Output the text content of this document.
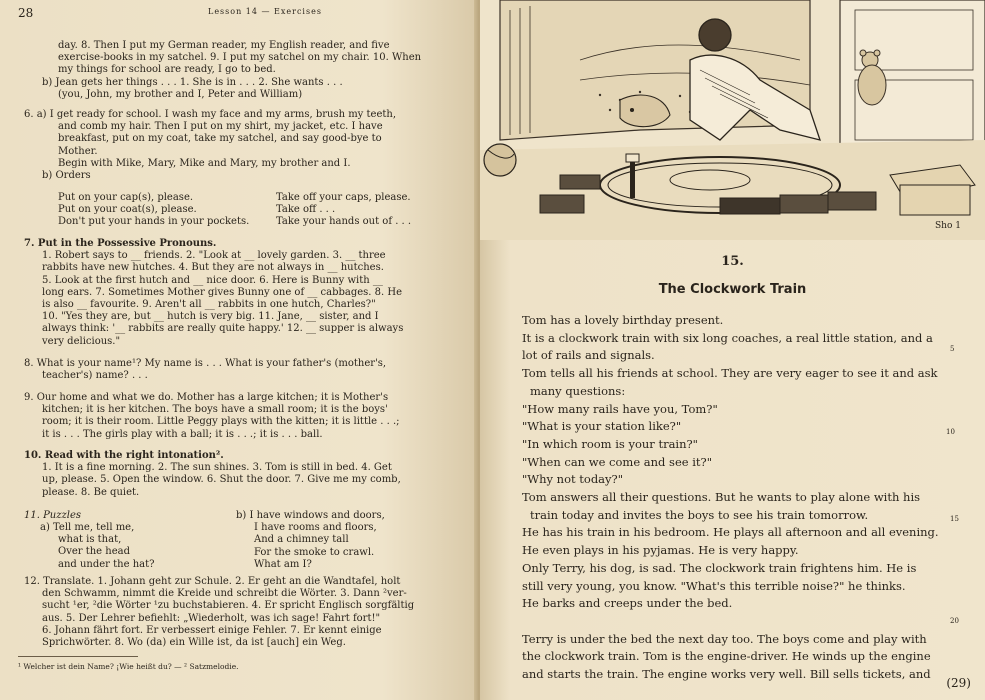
28	Lesson 14 — Exercises
day. 8. Then I put my German reader, my English reader, and five
exercise-books in my satchel. 9. I put my satchel on my chair. 10. When
my things for school are ready, I go to bed.
b) Jean gets her things . . . 1. She is in . . . 2. She wants . . .
(you, John, my brother and I, Peter and William)
6. a) I get ready for school. I wash my face and my arms, brush my teeth,
and comb my hair. Then I put on my shirt, my jacket, etc. I have
breakfast, put on my coat, take my satchel, and say good-bye to
Mother.
Begin with Mike, Mary, Mike and Mary, my brother and I.
b) Orders
Put on your cap(s), please.	Take off your caps, please.
Put on your coat(s), please.	Take off . . .
Don't put your hands in your pockets.	Take your hands out of . . .
7. Put in the Possessive Pronouns.
1. Robert says to __ friends. 2. "Look at __ lovely garden. 3. __ three
rabbits have new hutches. 4. But they are not always in __ hutches.
5. Look at the first hutch and __ nice door. 6. Here is Bunny with __
long ears. 7. Sometimes Mother gives Bunny one of __ cabbages. 8. He
is also __ favourite. 9. Aren't all __ rabbits in one hutch, Charles?"
10. "Yes they are, but __ hutch is very big. 11. Jane, __ sister, and I
always think: '__ rabbits are really quite happy.' 12. __ supper is always
very delicious."
8. What is your name¹? My name is . . . What is your father's (mother's,
teacher's) name? . . .
9. Our home and what we do. Mother has a large kitchen; it is Mother's
kitchen; it is her kitchen. The boys have a small room; it is the boys'
room; it is their room. Little Peggy plays with the kitten; it is little . . .;
it is . . . The girls play with a ball; it is . . .; it is . . . ball.
10. Read with the right intonation².
1. It is a fine morning. 2. The sun shines. 3. Tom is still in bed. 4. Get
up, please. 5. Open the window. 6. Shut the door. 7. Give me my comb,
please. 8. Be quiet.
11. Puzzles
a) Tell me, tell me,
what is that,
Over the head
and under the hat?
b) I have windows and doors,
I have rooms and floors,
And a chimney tall
For the smoke to crawl.
What am I?
12. Translate. 1. Johann geht zur Schule. 2. Er geht an die Wandtafel, holt
den Schwamm, nimmt die Kreide und schreibt die Wörter. 3. Dann ²ver-
sucht ¹er, ²die Wörter ¹zu buchstabieren. 4. Er spricht Englisch sorgfältig
aus. 5. Der Lehrer befiehlt: „Wiederholt, was ich sage! Fahrt fort!"
6. Johann fährt fort. Er verbessert einige Fehler. 7. Er kennt einige
Sprichwörter. 8. Wo (da) ein Wille ist, da ist [auch] ein Weg.
¹ Welcher ist dein Name? ¡Wie heißt du? — ² Satzmelodie.
Sho 1
15.
The Clockwork Train
Tom has a lovely birthday present.
It is a clockwork train with six long coaches, a real little station, and a
lot of rails and signals.
Tom tells all his friends at school. They are very eager to see it and ask
many questions:
"How many rails have you, Tom?"
"What is your station like?"
"In which room is your train?"
"When can we come and see it?"
"Why not today?"
Tom answers all their questions. But he wants to play alone with his
train today and invites the boys to see his train tomorrow.
He has his train in his bedroom. He plays all afternoon and all evening.
He even plays in his pyjamas. He is very happy.
Only Terry, his dog, is sad. The clockwork train frightens him. He is
still very young, you know. "What's this terrible noise?" he thinks.
He barks and creeps under the bed.
Terry is under the bed the next day too. The boys come and play with
the clockwork train. Tom is the engine-driver. He winds up the engine
and starts the train. The engine works very well. Bill sells tickets, and
5
10
15
20
(29)
